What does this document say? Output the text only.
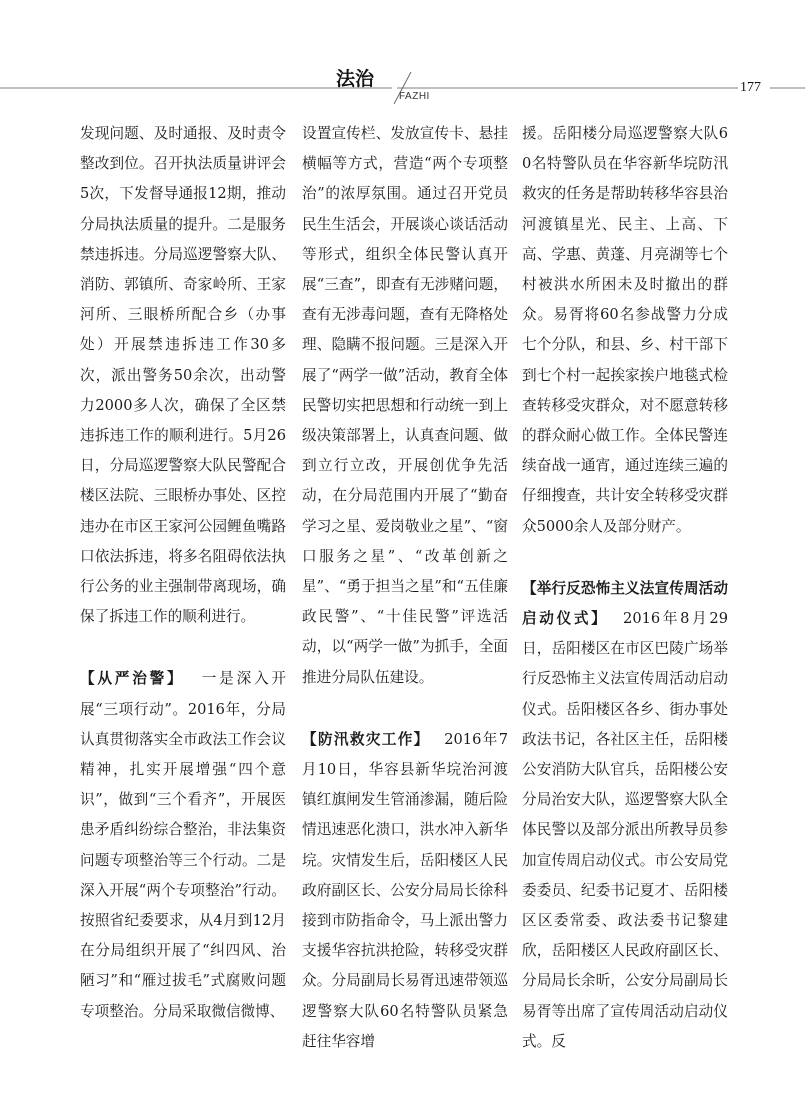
法治
FAZHI
177

发现问题、及时通报、及时责令整改到位。召开执法质量讲评会5次，下发督导通报12期，推动分局执法质量的提升。二是服务禁违拆违。分局巡逻警察大队、消防、郭镇所、奇家岭所、王家河所、三眼桥所配合乡（办事处）开展禁违拆违工作30多次，派出警务50余次，出动警力2000多人次，确保了全区禁违拆违工作的顺利进行。5月26日，分局巡逻警察大队民警配合楼区法院、三眼桥办事处、区控违办在市区王家河公园鲤鱼嘴路口依法拆违，将多名阻碍依法执行公务的业主强制带离现场，确保了拆违工作的顺利进行。

【从严治警】  一是深入开展“三项行动”。2016年，分局认真贯彻落实全市政法工作会议精神，扎实开展增强“四个意识”，做到“三个看齐”，开展医患矛盾纠纷综合整治，非法集资问题专项整治等三个行动。二是深入开展“两个专项整治”行动。按照省纪委要求，从4月到12月在分局组织开展了“纠四风、治陋习”和“雁过拔毛”式腐败问题专项整治。分局采取微信微博、

设置宣传栏、发放宣传卡、悬挂横幅等方式，营造“两个专项整治”的浓厚氛围。通过召开党员民生生活会，开展谈心谈话活动等形式，组织全体民警认真开展“三查”，即查有无涉赌问题，查有无涉毒问题，查有无降格处理、隐瞒不报问题。三是深入开展了“两学一做”活动，教育全体民警切实把思想和行动统一到上级决策部署上，认真查问题、做到立行立改，开展创优争先活动，在分局范围内开展了“勤奋学习之星、爱岗敬业之星”、“窗口服务之星”、“改革创新之星”、“勇于担当之星”和“五佳廉政民警”、“十佳民警”评选活动，以“两学一做”为抓手，全面推进分局队伍建设。

【防汛救灾工作】  2016年7月10日，华容县新华垸治河渡镇红旗闸发生管涌渗漏，随后险情迅速恶化溃口，洪水冲入新华垸。灾情发生后，岳阳楼区人民政府副区长、公安分局局长徐科接到市防指命令，马上派出警力支援华容抗洪抢险，转移受灾群众。分局副局长易胥迅速带领巡逻警察大队60名特警队员紧急赶往华容增

援。岳阳楼分局巡逻警察大队60名特警队员在华容新华垸防汛救灾的任务是帮助转移华容县治河渡镇星光、民主、上高、下高、学惠、黄蓬、月亮湖等七个村被洪水所困未及时撤出的群众。易胥将60名参战警力分成七个分队，和县、乡、村干部下到七个村一起挨家挨户地毯式检查转移受灾群众，对不愿意转移的群众耐心做工作。全体民警连续奋战一通宵，通过连续三遍的仔细搜查，共计安全转移受灾群众5000余人及部分财产。

【举行反恐怖主义法宣传周活动启动仪式】  2016年8月29日，岳阳楼区在市区巴陵广场举行反恐怖主义法宣传周活动启动仪式。岳阳楼区各乡、街办事处政法书记，各社区主任，岳阳楼公安消防大队官兵，岳阳楼公安分局治安大队，巡逻警察大队全体民警以及部分派出所教导员参加宣传周启动仪式。市公安局党委委员、纪委书记夏才、岳阳楼区区委常委、政法委书记黎建欣，岳阳楼区人民政府副区长、分局局长余昕，公安分局副局长易胥等出席了宣传周活动启动仪式。反
